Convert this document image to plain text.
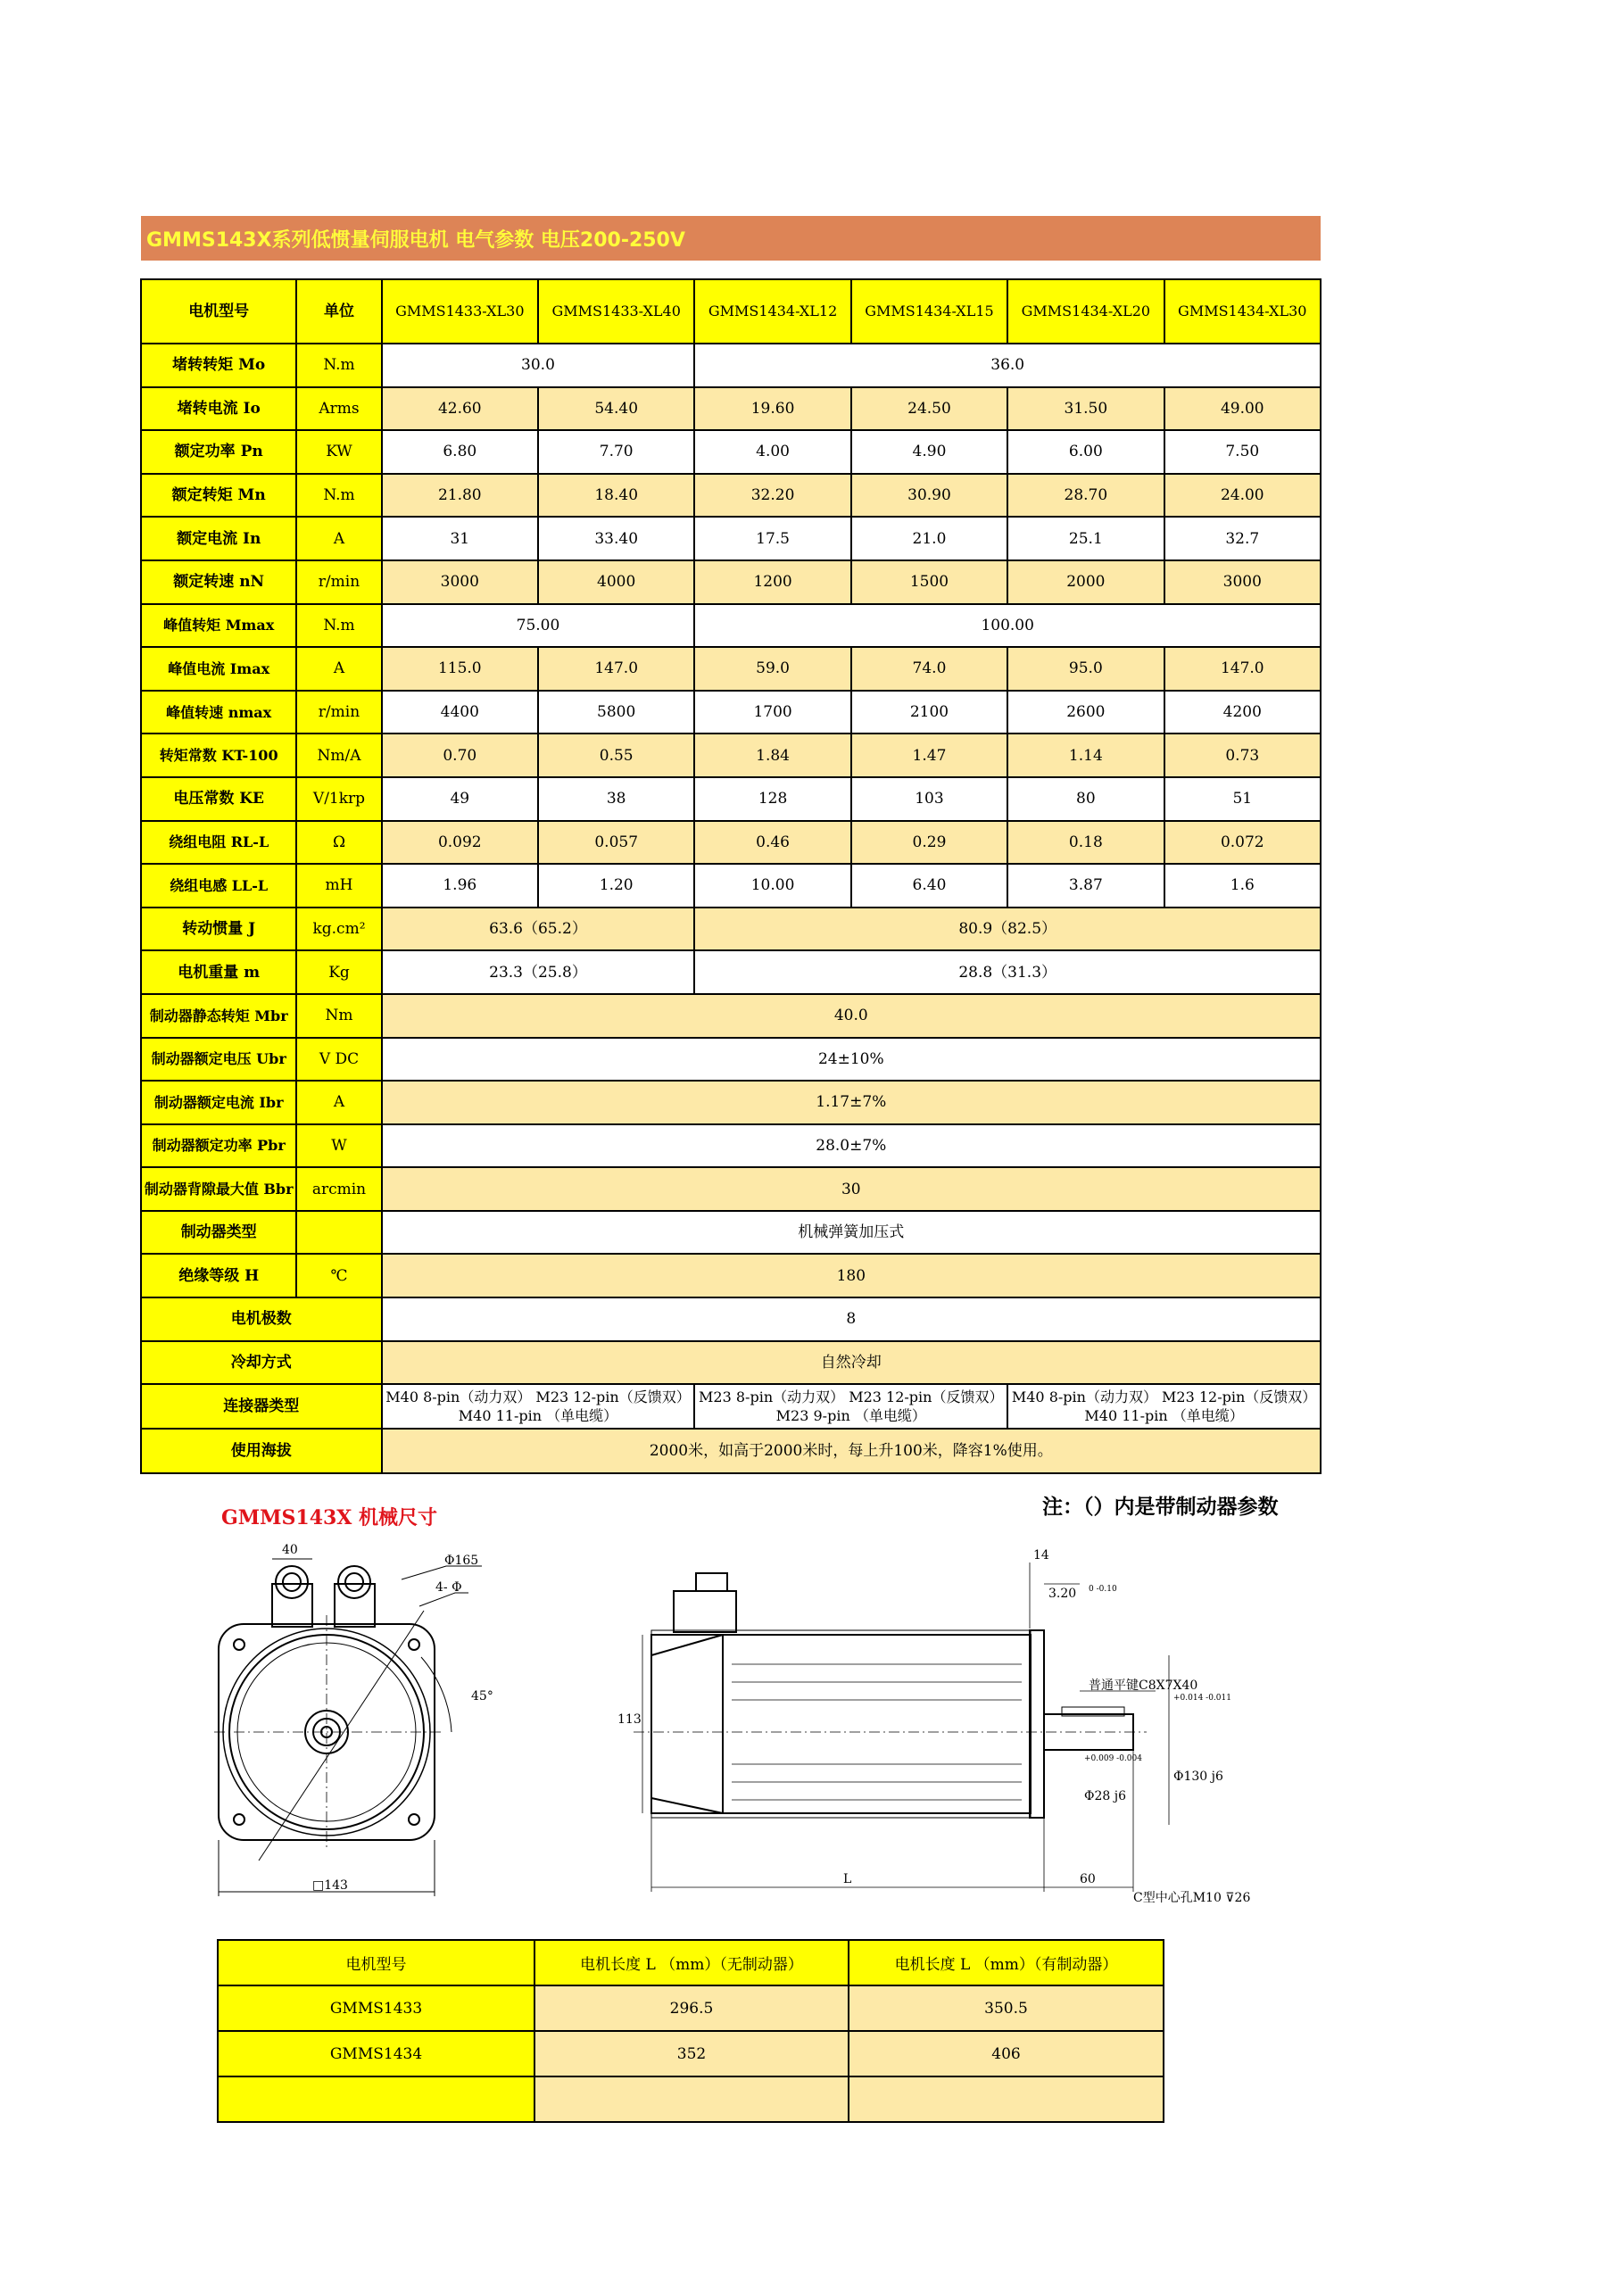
GMMS143X系列低惯量伺服电机 电气参数 电压200-250V
电机型号	单位	GMMS1433-XL30	GMMS1433-XL40	GMMS1434-XL12	GMMS1434-XL15	GMMS1434-XL20	GMMS1434-XL30
堵转转矩 Mo	N.m	30.0		36.0			
堵转电流 Io	Arms	42.60	54.40	19.60	24.50	31.50	49.00
额定功率 Pn	KW	6.80	7.70	4.00	4.90	6.00	7.50
额定转矩 Mn	N.m	21.80	18.40	32.20	30.90	28.70	24.00
额定电流 In	A	31	33.40	17.5	21.0	25.1	32.7
额定转速 nN	r/min	3000	4000	1200	1500	2000	3000
峰值转矩 Mmax	N.m	75.00		100.00			
峰值电流 Imax	A	115.0	147.0	59.0	74.0	95.0	147.0
峰值转速 nmax	r/min	4400	5800	1700	2100	2600	4200
转矩常数 KT-100	Nm/A	0.70	0.55	1.84	1.47	1.14	0.73
电压常数 KE	V/1krp	49	38	128	103	80	51
绕组电阻 RL-L	Ω	0.092	0.057	0.46	0.29	0.18	0.072
绕组电感 LL-L	mH	1.96	1.20	10.00	6.40	3.87	1.6
转动惯量 J	kg.cm²	63.6（65.2）		80.9（82.5）			
电机重量 m	Kg	23.3（25.8）		28.8（31.3）			
制动器静态转矩 Mbr	Nm	40.0					
制动器额定电压 Ubr	V DC	24±10%					
制动器额定电流 Ibr	A	1.17±7%					
制动器额定功率 Pbr	W	28.0±7%					
制动器背隙最大值 Bbr	arcmin	30					
制动器类型		机械弹簧加压式					
绝缘等级 H	℃	180					
电机极数		8					
冷却方式		自然冷却					
连接器类型		M40 8-pin（动力双） M23 12-pin（反馈双） M40 11-pin （单电缆）		M23 8-pin（动力双） M23 12-pin（反馈双） M23 9-pin （单电缆）		M40 8-pin（动力双） M23 12-pin（反馈双） M40 11-pin （单电缆）	
使用海拔		2000米，如高于2000米时，每上升100米，降容1%使用。					
GMMS143X 机械尺寸	注：（）内是带制动器参数
40
Φ165
4- Φ
45°
□143
14
3.20 0 -0.10
113
普通平键C8X7X40
Φ130 j6
+0.014 -0.011
Φ28 j6
+0.009 -0.004
L	60
C型中心孔M10 ⊽26
电机型号	电机长度 L （mm）（无制动器）	电机长度 L （mm）（有制动器）
GMMS1433	296.5	350.5
GMMS1434	352	406
